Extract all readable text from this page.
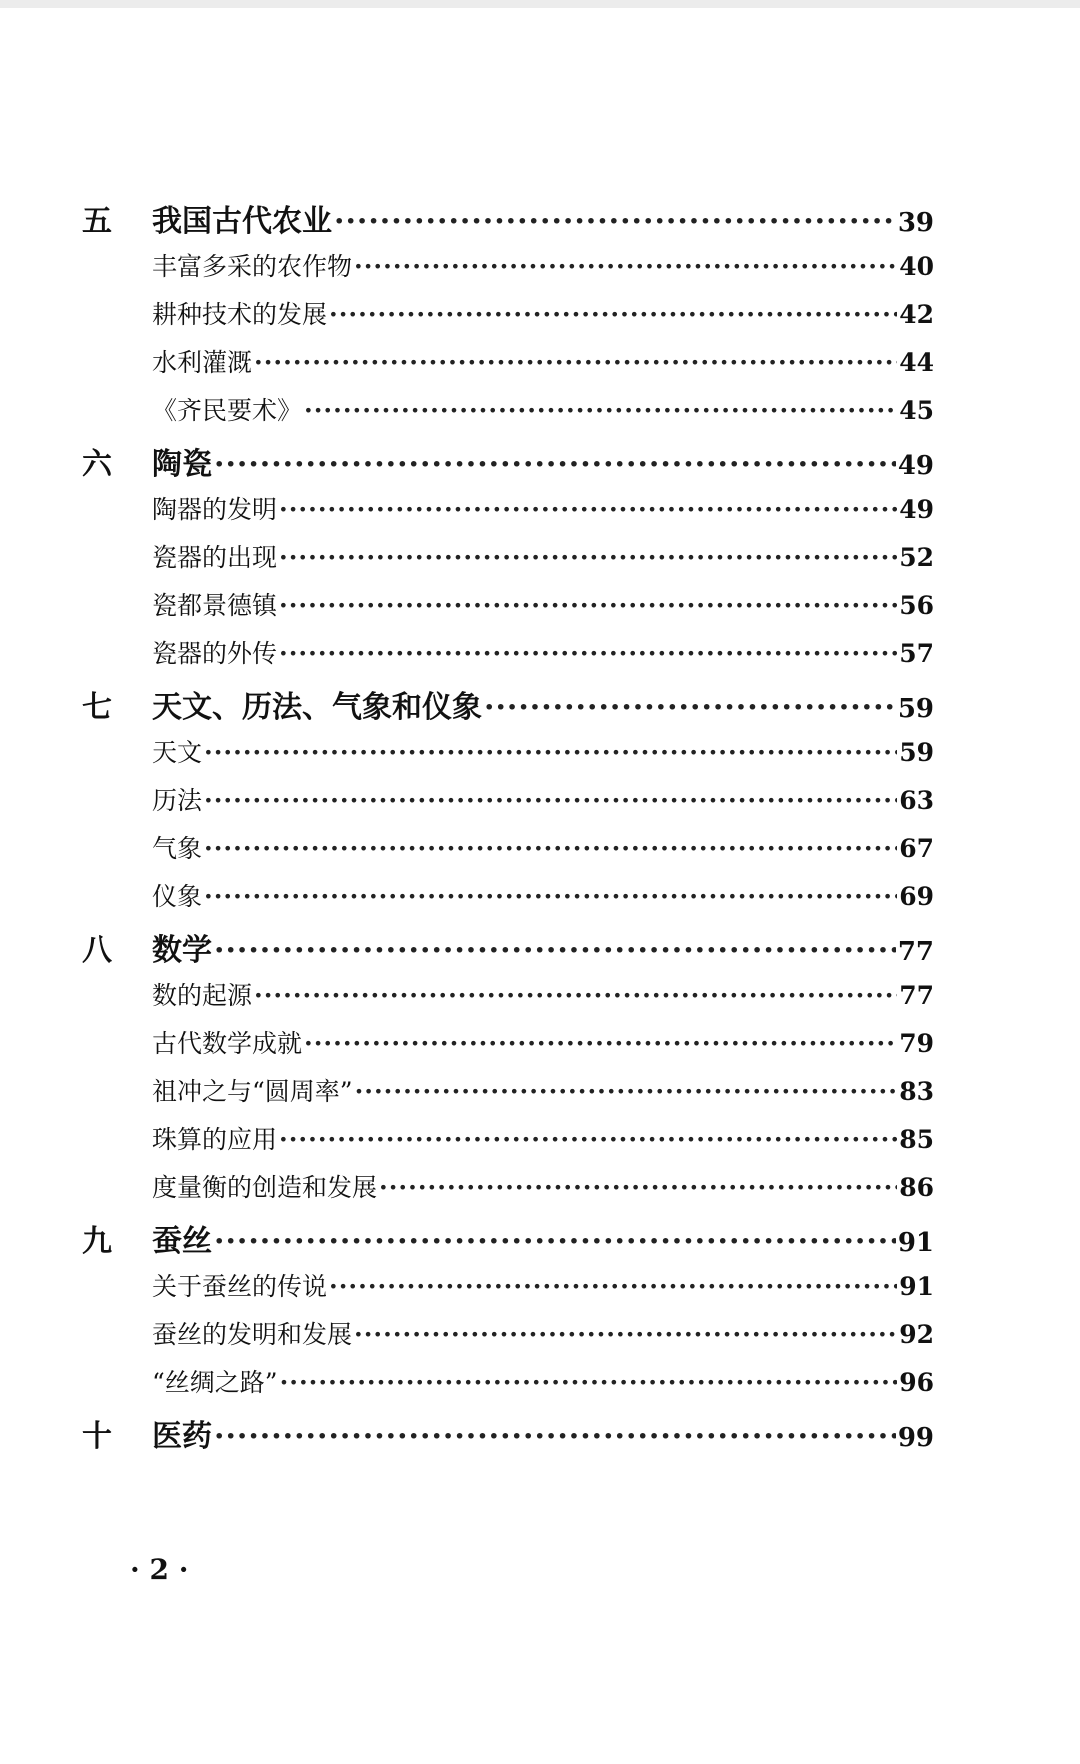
五	我国古代农业 ·····	39
丰富多采的农作物 ·····	40
耕种技术的发展 ·····	42
水利灌溉 ·····	44
《齐民要术》 ·····	45
六	陶瓷 ·····	49
陶器的发明 ·····	49
瓷器的出现 ·····	52
瓷都景德镇 ·····	56
瓷器的外传 ·····	57
七	天文、历法、气象和仪象 ·····	59
天文 ·····	59
历法 ·····	63
气象 ·····	67
仪象 ·····	69
八	数学 ·····	77
数的起源 ·····	77
古代数学成就 ·····	79
祖冲之与“圆周率” ·····	83
珠算的应用 ·····	85
度量衡的创造和发展 ·····	86
九	蚕丝 ·····	91
关于蚕丝的传说 ·····	91
蚕丝的发明和发展 ·····	92
“丝绸之路” ·····	96
十	医药 ·····	99
· 2 ·
